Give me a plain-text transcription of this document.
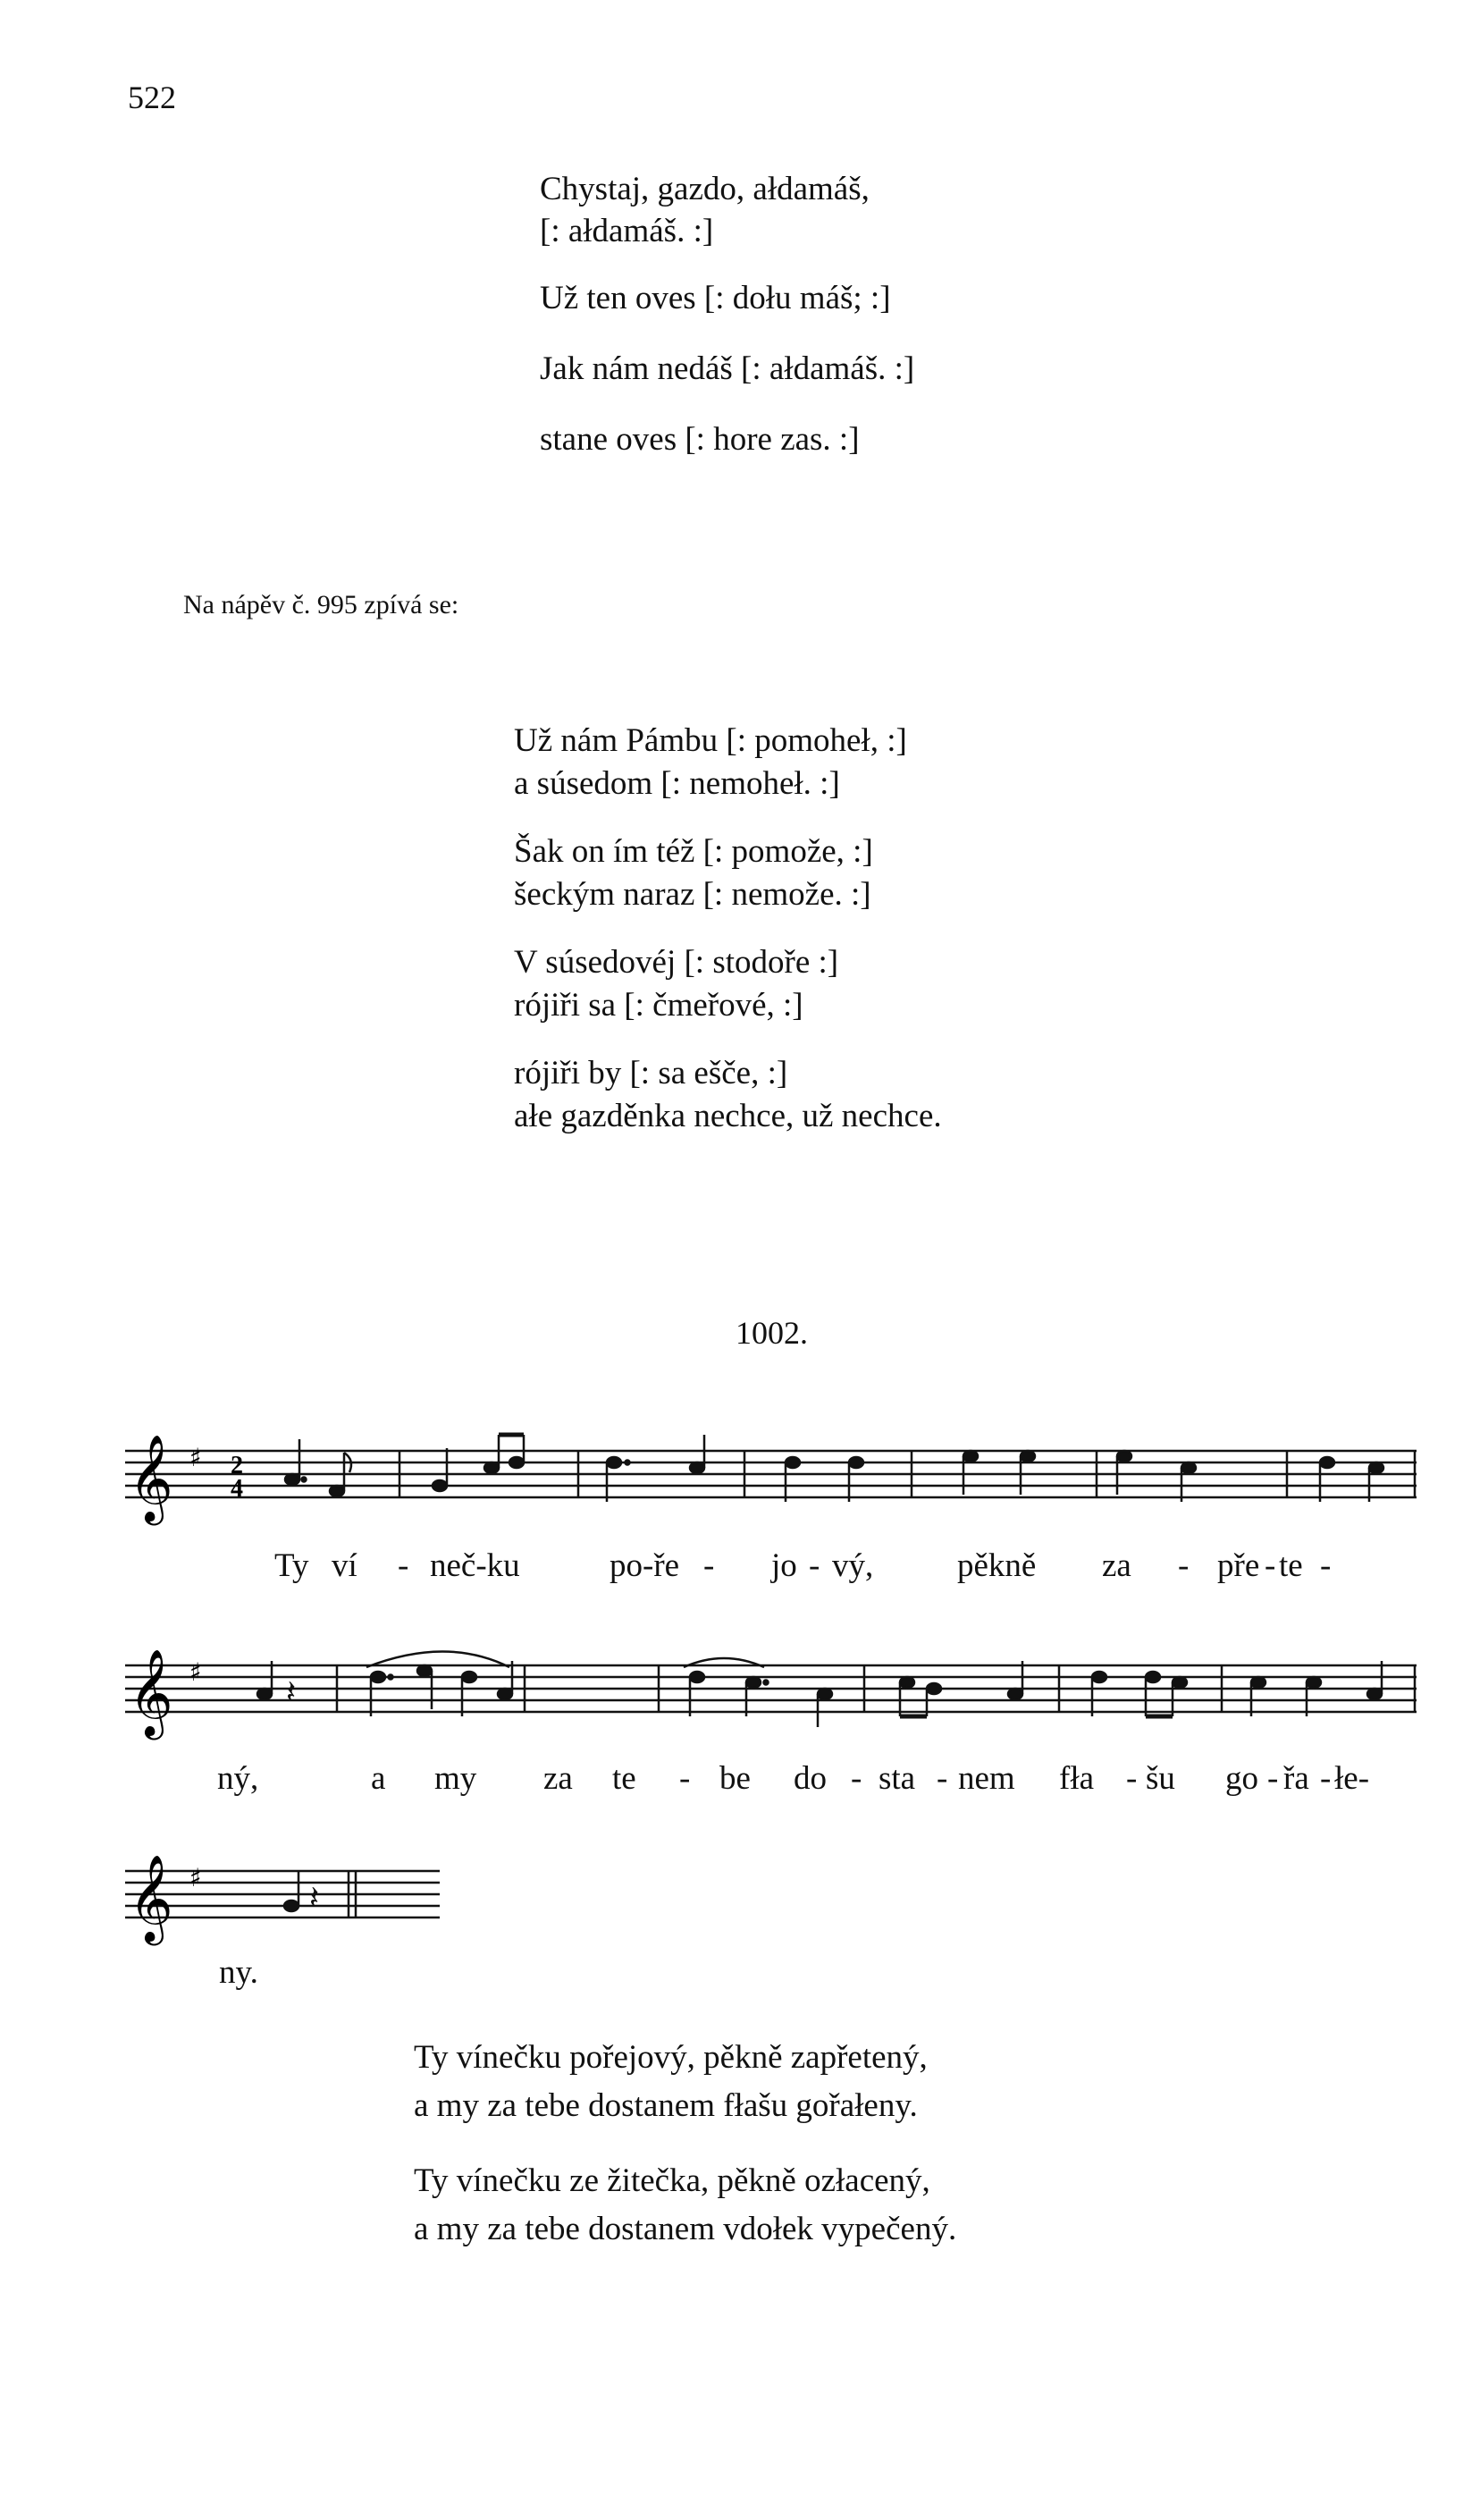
522
Chystaj, gazdo, ałdamáš,
[: ałdamáš. :]
Už ten oves [: dołu máš; :]
Jak nám nedáš [: ałdamáš. :]
stane oves [: hore zas. :]
Na nápěv č. 995 zpívá se:
Už nám Pámbu [: pomoheł, :]
a súsedom [: nemoheł. :]
Šak on ím též [: pomože, :]
šeckým naraz [: nemože. :]
V súsedovéj [: stodoře :]
rójiři sa [: čmeřové, :]
rójiři by [: sa ešče, :]
ałe gazděnka nechce, už nechce.
1002.
𝄞 ♯ 2
4
Ty ví - neč-ku	po-ře - jo - vý,	pěkně za - pře - te -
𝄞 ♯
𝄽
ný,	a my za te - be do - sta - nem fła - šu go - řa - łe-
𝄞 ♯
𝄽
ny.
Ty vínečku pořejový, pěkně zapřetený,
a my za tebe dostanem fłašu gořałeny.
Ty vínečku ze žitečka, pěkně ozłacený,
a my za tebe dostanem vdołek vypečený.
